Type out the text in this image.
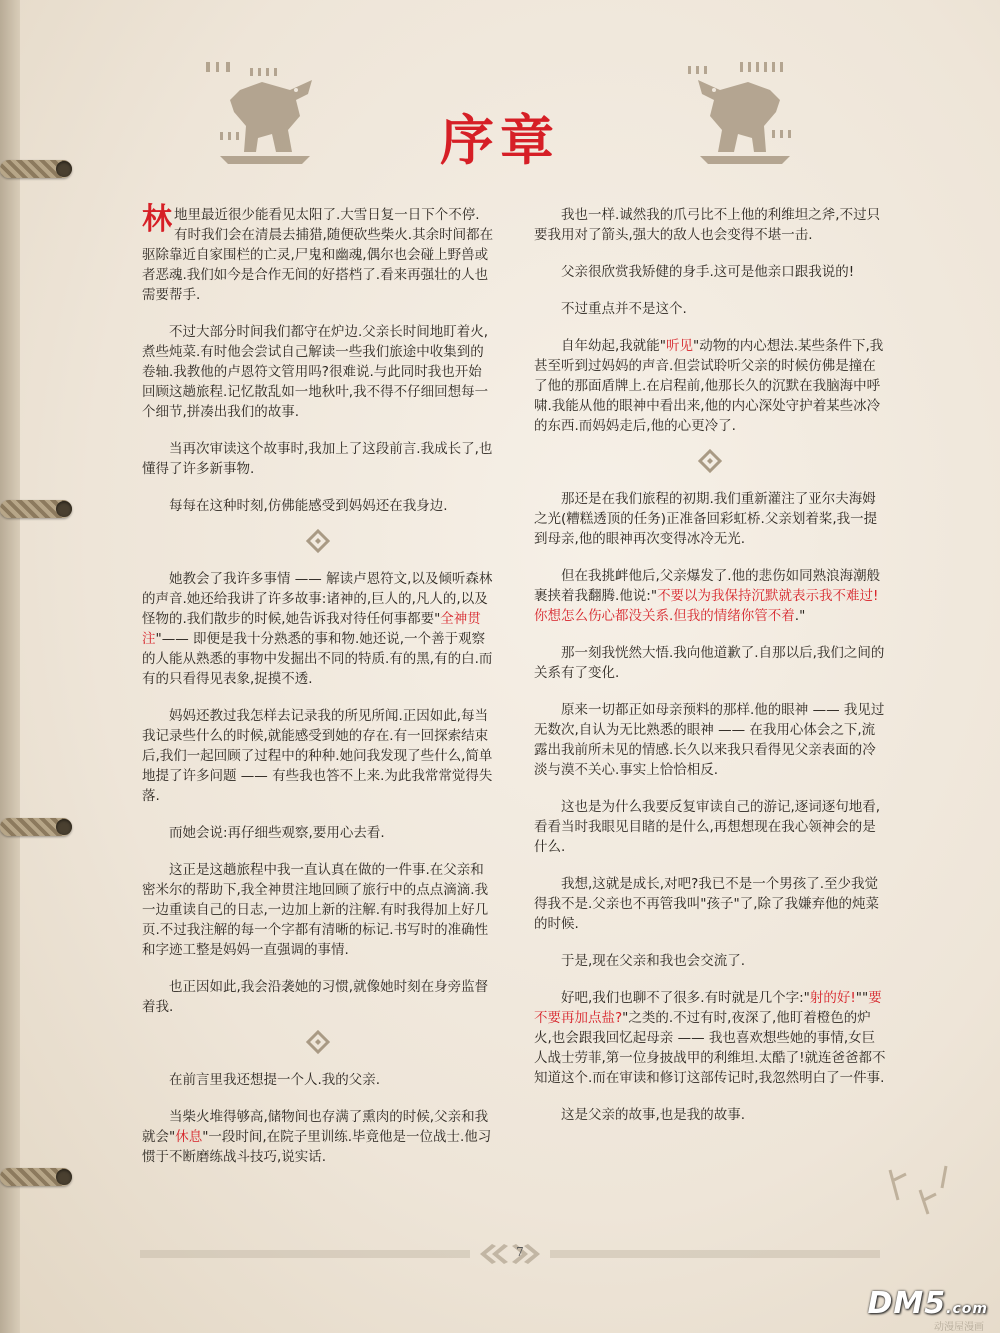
序章

林地里最近很少能看见太阳了.大雪日复一日下个不停. 有时我们会在清晨去捕猎,随便砍些柴火.其余时间都在驱除靠近自家围栏的亡灵,尸鬼和幽魂,偶尔也会碰上野兽或者恶魂.我们如今是合作无间的好搭档了.看来再强壮的人也需要帮手.

不过大部分时间我们都守在炉边.父亲长时间地盯着火,煮些炖菜.有时他会尝试自己解读一些我们旅途中收集到的卷轴.我教他的卢恩符文管用吗?很难说.与此同时我也开始回顾这趟旅程.记忆散乱如一地秋叶,我不得不仔细回想每一个细节,拼凑出我们的故事.

当再次审读这个故事时,我加上了这段前言.我成长了,也懂得了许多新事物.

每每在这种时刻,仿佛能感受到妈妈还在我身边.

她教会了我许多事情 —— 解读卢恩符文,以及倾听森林的声音.她还给我讲了许多故事:诸神的,巨人的,凡人的,以及怪物的.我们散步的时候,她告诉我对待任何事都要"全神贯注"—— 即便是我十分熟悉的事和物.她还说,一个善于观察的人能从熟悉的事物中发掘出不同的特质.有的黑,有的白.而有的只看得见表象,捉摸不透.

妈妈还教过我怎样去记录我的所见所闻.正因如此,每当我记录些什么的时候,就能感受到她的存在.有一回探索结束后,我们一起回顾了过程中的种种.她问我发现了些什么,简单地提了许多问题 —— 有些我也答不上来.为此我常常觉得失落.

而她会说:再仔细些观察,要用心去看.

这正是这趟旅程中我一直认真在做的一件事.在父亲和密米尔的帮助下,我全神贯注地回顾了旅行中的点点滴滴.我一边重读自己的日志,一边加上新的注解.有时我得加上好几页.不过我注解的每一个字都有清晰的标记.书写时的准确性和字迹工整是妈妈一直强调的事情.

也正因如此,我会沿袭她的习惯,就像她时刻在身旁监督着我.

在前言里我还想提一个人.我的父亲.

当柴火堆得够高,储物间也存满了熏肉的时候,父亲和我就会"休息"一段时间,在院子里训练.毕竟他是一位战士.他习惯于不断磨练战斗技巧,说实话.

我也一样.诚然我的爪弓比不上他的利维坦之斧,不过只要我用对了箭头,强大的敌人也会变得不堪一击.

父亲很欣赏我矫健的身手.这可是他亲口跟我说的!

不过重点并不是这个.

自年幼起,我就能"听见"动物的内心想法.某些条件下,我甚至听到过妈妈的声音.但尝试聆听父亲的时候仿佛是撞在了他的那面盾牌上.在启程前,他那长久的沉默在我脑海中呼啸.我能从他的眼神中看出来,他的内心深处守护着某些冰冷的东西.而妈妈走后,他的心更冷了.

那还是在我们旅程的初期.我们重新灌注了亚尔夫海姆之光(糟糕透顶的任务)正准备回彩虹桥.父亲划着桨,我一提到母亲,他的眼神再次变得冰冷无光.

但在我挑衅他后,父亲爆发了.他的悲伤如同熟浪海潮般裹挟着我翻腾.他说:"不要以为我保持沉默就表示我不难过!你想怎么伤心都没关系.但我的情绪你管不着."

那一刻我恍然大悟.我向他道歉了.自那以后,我们之间的关系有了变化.

原来一切都正如母亲预料的那样.他的眼神 —— 我见过无数次,自认为无比熟悉的眼神 —— 在我用心体会之下,流露出我前所未见的情感.长久以来我只看得见父亲表面的冷淡与漠不关心.事实上恰恰相反.

这也是为什么我要反复审读自己的游记,逐词逐句地看,看看当时我眼见目睹的是什么,再想想现在我心领神会的是什么.

我想,这就是成长,对吧?我已不是一个男孩了.至少我觉得我不是.父亲也不再管我叫"孩子"了,除了我嫌弃他的炖菜的时候.

于是,现在父亲和我也会交流了.

好吧,我们也聊不了很多.有时就是几个字:"射的好!""要不要再加点盐?"之类的.不过有时,夜深了,他盯着橙色的炉火,也会跟我回忆起母亲 —— 我也喜欢想些她的事情,女巨人战士劳菲,第一位身披战甲的利维坦.太酷了!就连爸爸都不知道这个.而在审读和修订这部传记时,我忽然明白了一件事.

这是父亲的故事,也是我的故事.

7
DM5.com
动漫屋漫画
